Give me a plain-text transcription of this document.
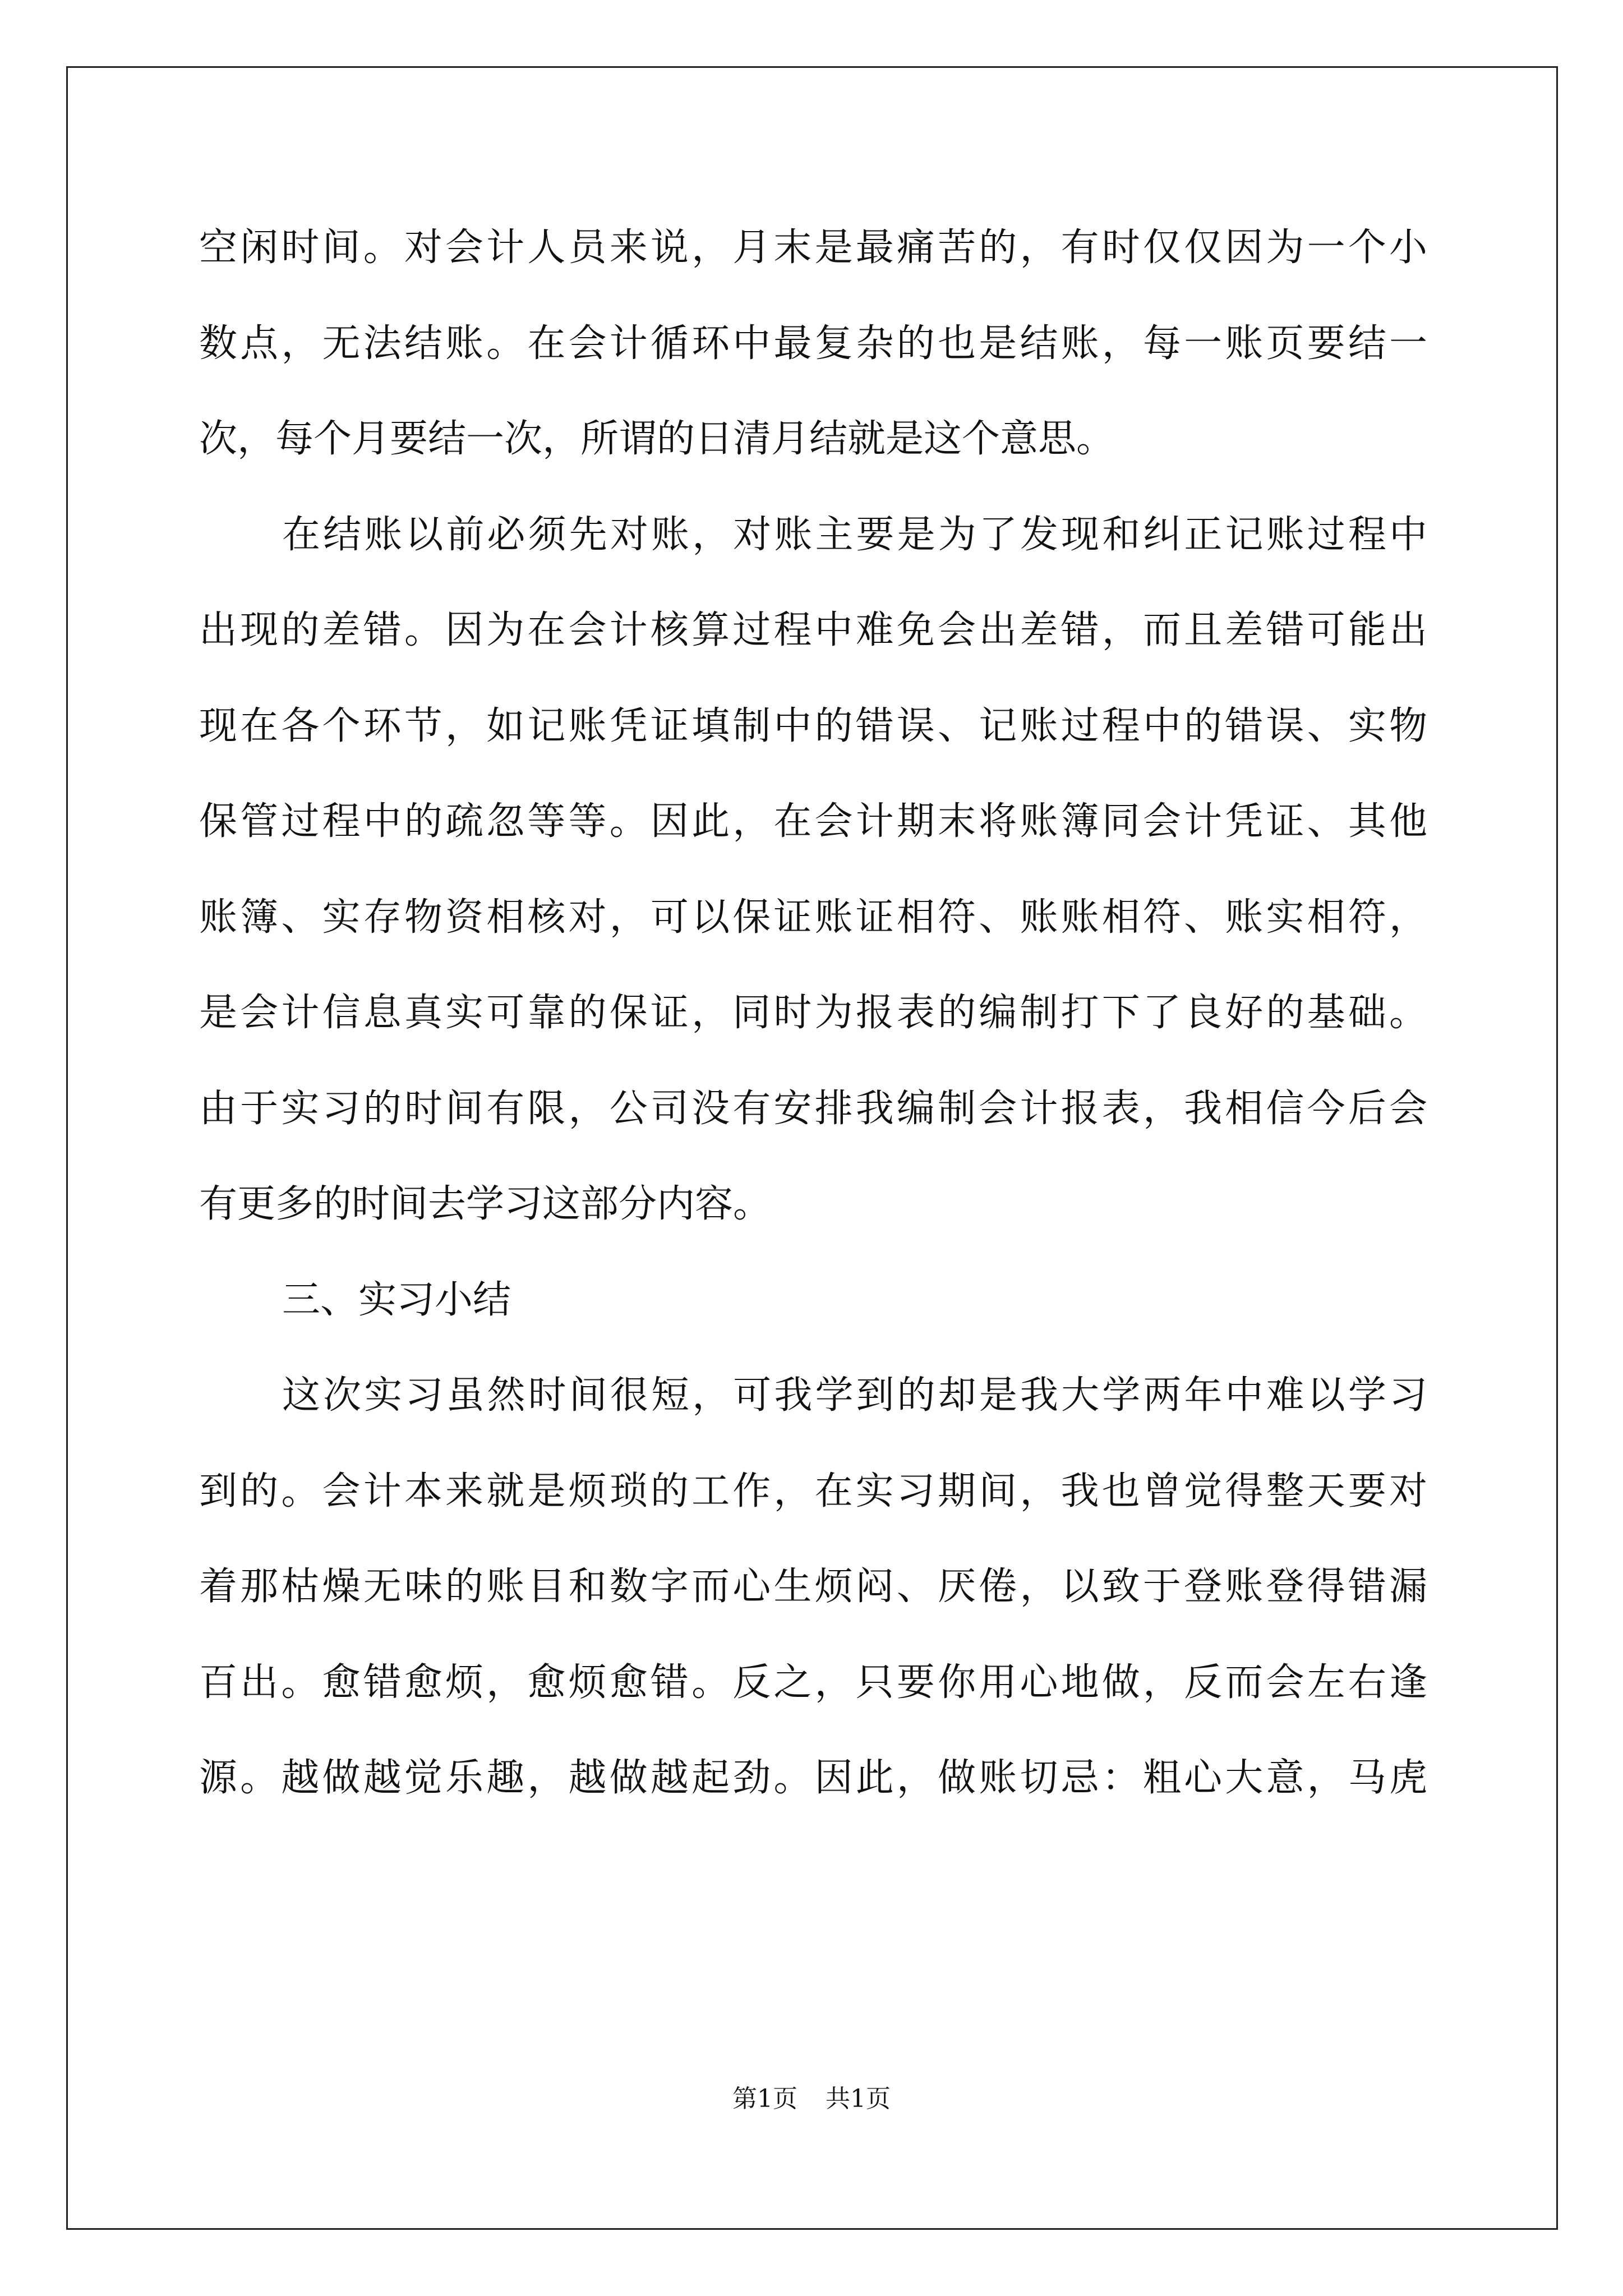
空闲时间。对会计人员来说，月末是最痛苦的，有时仅仅因为一个小
数点，无法结账。在会计循环中最复杂的也是结账，每一账页要结一
次，每个月要结一次，所谓的日清月结就是这个意思。
在结账以前必须先对账，对账主要是为了发现和纠正记账过程中
出现的差错。因为在会计核算过程中难免会出差错，而且差错可能出
现在各个环节，如记账凭证填制中的错误、记账过程中的错误、实物
保管过程中的疏忽等等。因此，在会计期末将账簿同会计凭证、其他
账簿、实存物资相核对，可以保证账证相符、账账相符、账实相符，
是会计信息真实可靠的保证，同时为报表的编制打下了良好的基础。
由于实习的时间有限，公司没有安排我编制会计报表，我相信今后会
有更多的时间去学习这部分内容。
三、实习小结
这次实习虽然时间很短，可我学到的却是我大学两年中难以学习
到的。会计本来就是烦琐的工作，在实习期间，我也曾觉得整天要对
着那枯燥无味的账目和数字而心生烦闷、厌倦，以致于登账登得错漏
百出。愈错愈烦，愈烦愈错。反之，只要你用心地做，反而会左右逢
源。越做越觉乐趣，越做越起劲。因此，做账切忌：粗心大意，马虎
第1页 共1页
